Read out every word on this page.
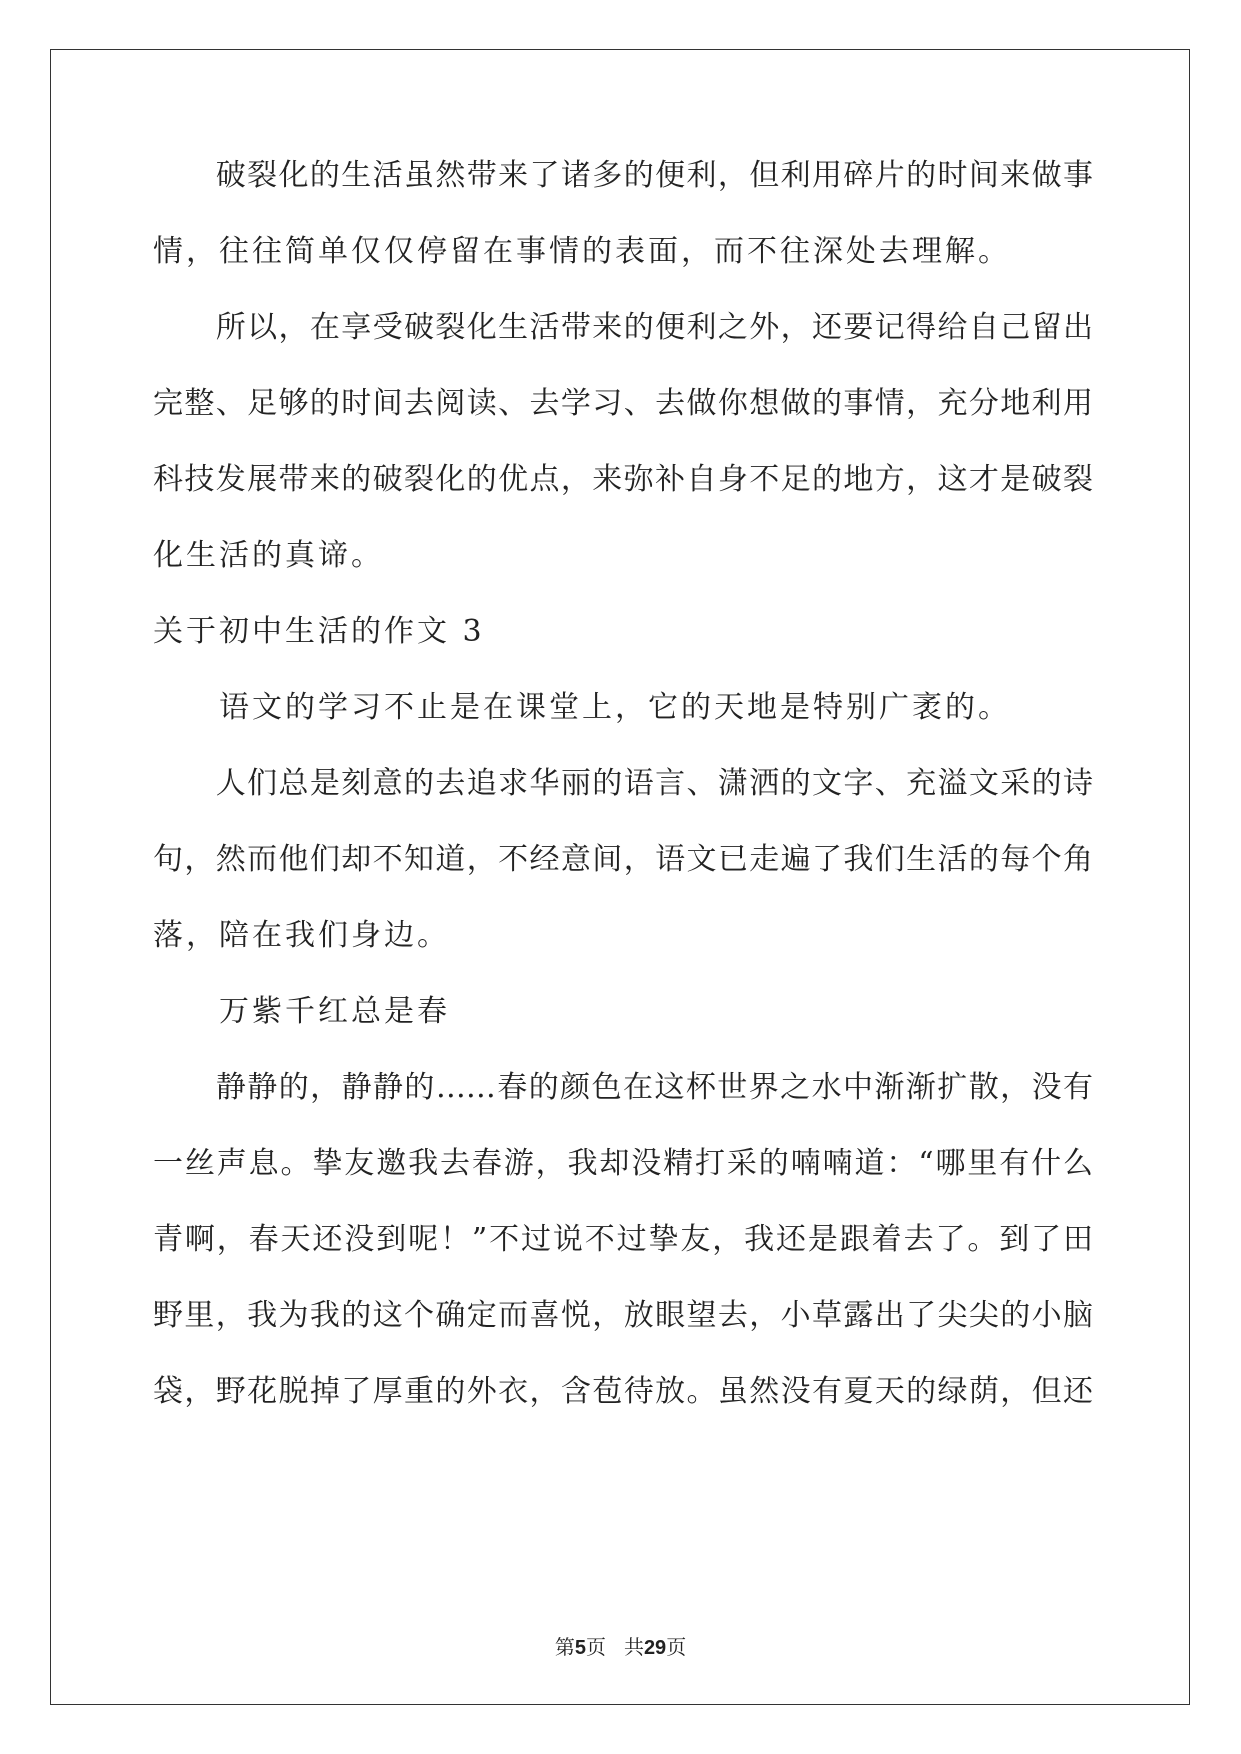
　　破裂化的生活虽然带来了诸多的便利，但利用碎片的时间来做事
情，往往简单仅仅停留在事情的表面，而不往深处去理解。
　　所以，在享受破裂化生活带来的便利之外，还要记得给自己留出
完整、足够的时间去阅读、去学习、去做你想做的事情，充分地利用
科技发展带来的破裂化的优点，来弥补自身不足的地方，这才是破裂
化生活的真谛。
关于初中生活的作文 3
　　语文的学习不止是在课堂上，它的天地是特别广袤的。
　　人们总是刻意的去追求华丽的语言、潇洒的文字、充溢文采的诗
句，然而他们却不知道，不经意间，语文已走遍了我们生活的每个角
落，陪在我们身边。
　　万紫千红总是春
　　静静的，静静的……春的颜色在这杯世界之水中渐渐扩散，没有
一丝声息。挚友邀我去春游，我却没精打采的喃喃道：“哪里有什么
青啊，春天还没到呢！”不过说不过挚友，我还是跟着去了。到了田
野里，我为我的这个确定而喜悦，放眼望去，小草露出了尖尖的小脑
袋，野花脱掉了厚重的外衣，含苞待放。虽然没有夏天的绿荫，但还
第5页 共29页
